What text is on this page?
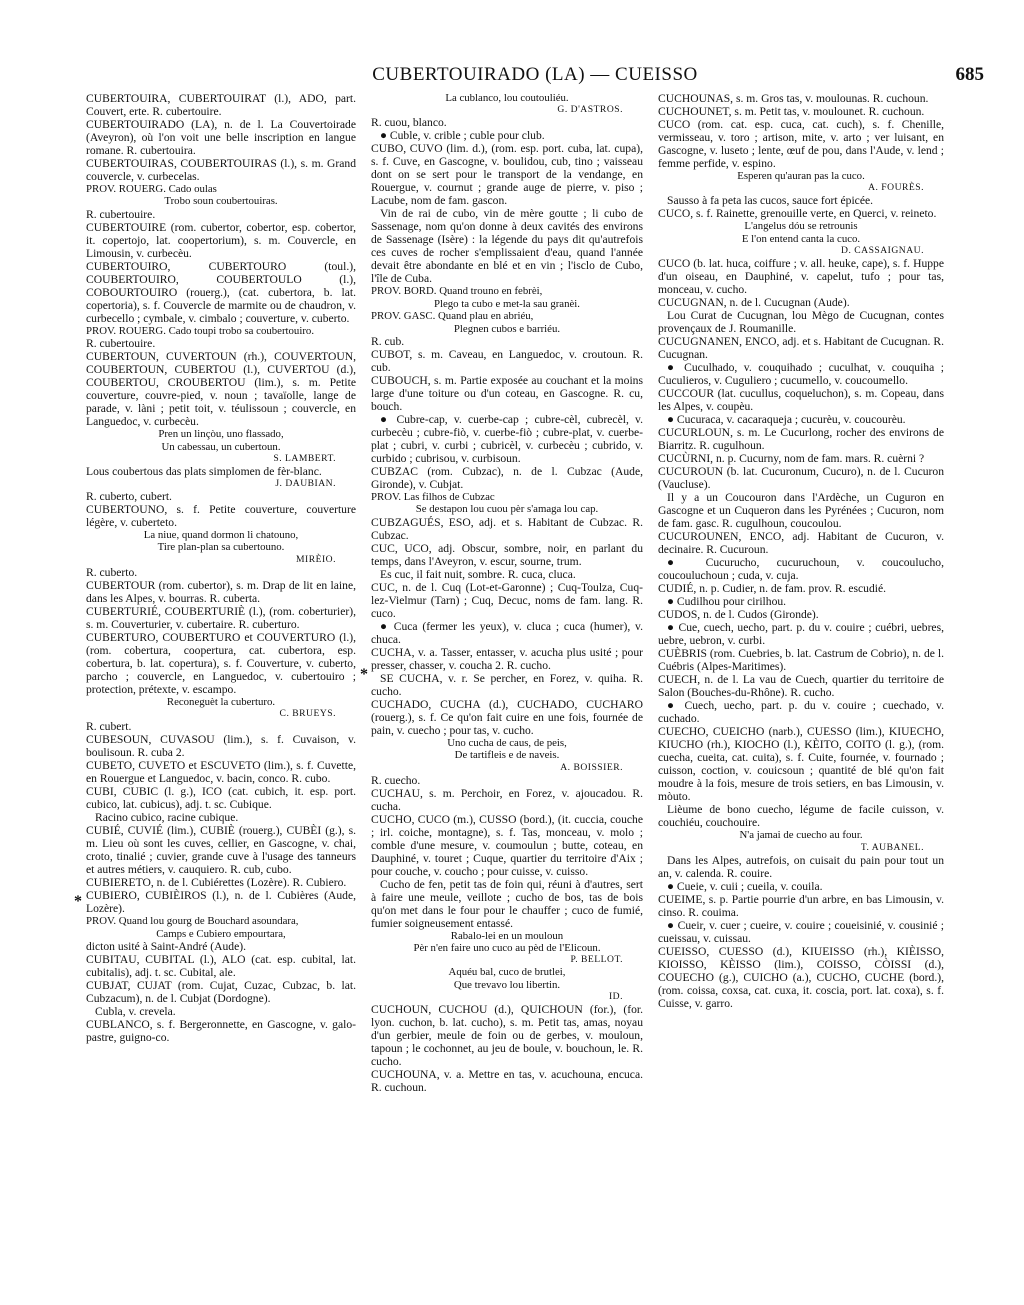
CUBERTOUIRADO (LA) — CUEISSO	685

CUBERTOUIRA, CUBERTOUIRAT (l.), ADO, part. Couvert, erte. R. cubertouire.

CUBERTOUIRADO (LA), n. de l. La Couvertoirade (Aveyron), où l'on voit une belle inscription en langue romane. R. cubertouira.

CUBERTOUIRAS, COUBERTOUIRAS (l.), s. m. Grand couvercle, v. curbecelas.

PROV. ROUERG. Cado oulas

Trobo soun coubertouiras.

R. cubertouire.

CUBERTOUIRE (rom. cubertor, cobertor, esp. cobertor, it. copertojo, lat. coopertorium), s. m. Couvercle, en Limousin, v. curbecèu.

CUBERTOUIRO, CUBERTOURO (toul.), COUBERTOUIRO, COUBERTOULO (l.), COBOURTOUIRO (rouerg.), (cat. cubertora, b. lat. copertoria), s. f. Couvercle de marmite ou de chaudron, v. curbecello ; cymbale, v. cimbalo ; couverture, v. cuberto.

PROV. ROUERG. Cado toupi trobo sa coubertouiro.

R. cubertouire.

CUBERTOUN, CUVERTOUN (rh.), COUVERTOUN, COUBERTOUN, CUBERTOU (l.), CUVERTOU (d.), COUBERTOU, CROUBERTOU (lim.), s. m. Petite couverture, couvre-pied, v. noun ; tavaïolle, lange de parade, v. làni ; petit toit, v. téulissoun ; couvercle, en Languedoc, v. curbecèu.

Pren un linçòu, uno flassado,

Un cabessau, un cubertoun.

S. LAMBERT.

Lous coubertous das plats simplomen de fèr-blanc.

J. DAUBIAN.

R. cuberto, cubert.

CUBERTOUNO, s. f. Petite couverture, couverture légère, v. cuberteto.

La niue, quand dormon li chatouno,

Tire plan-plan sa cubertouno.

MIRÈIO.

R. cuberto.

CUBERTOUR (rom. cubertor), s. m. Drap de lit en laine, dans les Alpes, v. bourras. R. cuberta.

CUBERTURIÉ, COUBERTURIÈ (l.), (rom. coberturier), s. m. Couverturier, v. cubertaire. R. cuberturo.

CUBERTURO, COUBERTURO et COUVERTURO (l.), (rom. cobertura, coopertura, cat. cubertora, esp. cobertura, b. lat. copertura), s. f. Couverture, v. cuberto, parcho ; couvercle, en Languedoc, v. cubertouiro ; protection, prétexte, v. escampo.

Reconeguèt la cuberturo.

C. BRUEYS.

R. cubert.

CUBESOUN, CUVASOU (lim.), s. f. Cuvaison, v. boulisoun. R. cuba 2.

CUBETO, CUVETO et ESCUVETO (lim.), s. f. Cuvette, en Rouergue et Languedoc, v. bacin, conco. R. cubo.

CUBI, CUBIC (l. g.), ICO (cat. cubich, it. esp. port. cubico, lat. cubicus), adj. t. sc. Cubique.

Racino cubico, racine cubique.

CUBIÉ, CUVIÉ (lim.), CUBIÈ (rouerg.), CUBÈI (g.), s. m. Lieu où sont les cuves, cellier, en Gascogne, v. chai, croto, tinalié ; cuvier, grande cuve à l'usage des tanneurs et autres métiers, v. cauquiero. R. cub, cubo.

CUBIERETO, n. de l. Cubiérettes (Lozère). R. Cubiero.

CUBIERO, CUBIÈIROS (l.), n. de l. Cubières (Aude, Lozère).

PROV. Quand lou gourg de Bouchard asoundara,

Camps e Cubiero empourtara,

dicton usité à Saint-André (Aude).

CUBITAU, CUBITAL (l.), ALO (cat. esp. cubital, lat. cubitalis), adj. t. sc. Cubital, ale.

CUBJAT, CUJAT (rom. Cujat, Cuzac, Cubzac, b. lat. Cubzacum), n. de l. Cubjat (Dordogne).

Cubla, v. crevela.

CUBLANCO, s. f. Bergeronnette, en Gascogne, v. galo-pastre, guigno-co.

La cublanco, lou coutouliéu.

G. D'ASTROS.

R. cuou, blanco.

● Cuble, v. crible ; cuble pour club.

CUBO, CUVO (lim. d.), (rom. esp. port. cuba, lat. cupa), s. f. Cuve, en Gascogne, v. boulidou, cub, tino ; vaisseau dont on se sert pour le transport de la vendange, en Rouergue, v. cournut ; grande auge de pierre, v. piso ; Lacube, nom de fam. gascon.

Vin de rai de cubo, vin de mère goutte ; li cubo de Sassenage, nom qu'on donne à deux cavités des environs de Sassenage (Isère) : la légende du pays dit qu'autrefois ces cuves de rocher s'emplissaient d'eau, quand l'année devait être abondante en blé et en vin ; l'isclo de Cubo, l'île de Cuba.

PROV. BORD. Quand trouno en febrèi,

Plego ta cubo e met-la sau granèi.

PROV. GASC. Quand plau en abriéu,

Plegnen cubos e barriéu.

R. cub.

CUBOT, s. m. Caveau, en Languedoc, v. croutoun. R. cub.

CUBOUCH, s. m. Partie exposée au couchant et la moins large d'une toiture ou d'un coteau, en Gascogne. R. cu, bouch.

● Cubre-cap, v. cuerbe-cap ; cubre-cèl, cubrecèl, v. curbecèu ; cubre-fiò, v. cuerbe-fiò ; cubre-plat, v. cuerbe-plat ; cubri, v. curbi ; cubricèl, v. curbecèu ; cubrido, v. curbido ; cubrisou, v. curbisoun.

CUBZAC (rom. Cubzac), n. de l. Cubzac (Aude, Gironde), v. Cubjat.

PROV. Las filhos de Cubzac

Se destapon lou cuou pèr s'amaga lou cap.

CUBZAGUÉS, ESO, adj. et s. Habitant de Cubzac. R. Cubzac.

CUC, UCO, adj. Obscur, sombre, noir, en parlant du temps, dans l'Aveyron, v. escur, sourne, trum.

Es cuc, il fait nuit, sombre. R. cuca, cluca.

CUC, n. de l. Cuq (Lot-et-Garonne) ; Cuq-Toulza, Cuq-lez-Vielmur (Tarn) ; Cuq, Decuc, noms de fam. lang. R. cuco.

● Cuca (fermer les yeux), v. cluca ; cuca (humer), v. chuca.

CUCHA, v. a. Tasser, entasser, v. acucha plus usité ; pour presser, chasser, v. coucha 2. R. cucho.

SE CUCHA, v. r. Se percher, en Forez, v. quiha. R. cucho.

CUCHADO, CUCHA (d.), CUCHADO, CUCHARO (rouerg.), s. f. Ce qu'on fait cuire en une fois, fournée de pain, v. cuecho ; pour tas, v. cucho.

Uno cucha de caus, de peis,

De tartifleis e de naveis.

A. BOISSIER.

R. cuecho.

CUCHAU, s. m. Perchoir, en Forez, v. ajoucadou. R. cucha.

CUCHO, CUCO (m.), CUSSO (bord.), (it. cuccia, couche ; irl. coiche, montagne), s. f. Tas, monceau, v. molo ; comble d'une mesure, v. coumoulun ; butte, coteau, en Dauphiné, v. touret ; Cuque, quartier du territoire d'Aix ; pour couche, v. coucho ; pour cuisse, v. cuisso.

Cucho de fen, petit tas de foin qui, réuni à d'autres, sert à faire une meule, veillote ; cucho de bos, tas de bois qu'on met dans le four pour le chauffer ; cuco de fumié, fumier soigneusement entassé.

Rabalo-lei en un mouloun

Pèr n'en faire uno cuco au pèd de l'Elicoun.

P. BELLOT.

Aquéu bal, cuco de brutlei,

Que trevavo lou libertin.

ID.

CUCHOUN, CUCHOU (d.), QUICHOUN (for.), (for. lyon. cuchon, b. lat. cucho), s. m. Petit tas, amas, noyau d'un gerbier, meule de foin ou de gerbes, v. mouloun, tapoun ; le cochonnet, au jeu de boule, v. bouchoun, le. R. cucho.

CUCHOUNA, v. a. Mettre en tas, v. acuchouna, encuca. R. cuchoun.

CUCHOUNAS, s. m. Gros tas, v. moulounas. R. cuchoun.

CUCHOUNET, s. m. Petit tas, v. moulounet. R. cuchoun.

CUCO (rom. cat. esp. cuca, cat. cuch), s. f. Chenille, vermisseau, v. toro ; artison, mite, v. arto ; ver luisant, en Gascogne, v. luseto ; lente, œuf de pou, dans l'Aude, v. lend ; femme perfide, v. espino.

Esperen qu'auran pas la cuco.

A. FOURÈS.

Sausso à fa peta las cucos, sauce fort épicée.

CUCO, s. f. Rainette, grenouille verte, en Querci, v. reineto.

L'angelus dóu se retrounis

E l'on entend canta la cuco.

D. CASSAIGNAU.

CUCO (b. lat. huca, coiffure ; v. all. heuke, cape), s. f. Huppe d'un oiseau, en Dauphiné, v. capelut, tufo ; pour tas, monceau, v. cucho.

CUCUGNAN, n. de l. Cucugnan (Aude).

Lou Curat de Cucugnan, lou Mègo de Cucugnan, contes provençaux de J. Roumanille.

CUCUGNANEN, ENCO, adj. et s. Habitant de Cucugnan. R. Cucugnan.

● Cuculhado, v. couquihado ; cuculhat, v. couquiha ; Cuculieros, v. Cuguliero ; cucumello, v. coucoumello.

CUCCOUR (lat. cucullus, coqueluchon), s. m. Copeau, dans les Alpes, v. coupèu.

● Cucuraca, v. cacaraqueja ; cucurèu, v. coucourèu.

CUCURLOUN, s. m. Le Cucurlong, rocher des environs de Biarritz. R. cugulhoun.

CUCÙRNI, n. p. Cucurny, nom de fam. mars. R. cuèrni ?

CUCUROUN (b. lat. Cucuronum, Cucuro), n. de l. Cucuron (Vaucluse).

Il y a un Coucouron dans l'Ardèche, un Cuguron en Gascogne et un Cuqueron dans les Pyrénées ; Cucuron, nom de fam. gasc. R. cugulhoun, coucoulou.

CUCUROUNEN, ENCO, adj. Habitant de Cucuron, v. decinaire. R. Cucuroun.

● Cucurucho, cucuruchoun, v. coucoulucho, coucouluchoun ; cuda, v. cuja.

CUDIÉ, n. p. Cudier, n. de fam. prov. R. escudié.

● Cudilhou pour cirilhou.

CUDOS, n. de l. Cudos (Gironde).

● Cue, cuech, uecho, part. p. du v. couire ; cuébri, uebres, uebre, uebron, v. curbi.

CUÈBRIS (rom. Cuebries, b. lat. Castrum de Cobrio), n. de l. Cuébris (Alpes-Maritimes).

CUECH, n. de l. La vau de Cuech, quartier du territoire de Salon (Bouches-du-Rhône). R. cucho.

● Cuech, uecho, part. p. du v. couire ; cuechado, v. cuchado.

CUECHO, CUEICHO (narb.), CUESSO (lim.), KIUECHO, KIUCHO (rh.), KIOCHO (l.), KÈITO, COITO (l. g.), (rom. cuecha, cueita, cat. cuita), s. f. Cuite, fournée, v. fournado ; cuisson, coction, v. couicsoun ; quantité de blé qu'on fait moudre à la fois, mesure de trois setiers, en bas Limousin, v. mòuto.

Lièume de bono cuecho, légume de facile cuisson, v. couchiéu, couchouire.

N'a jamai de cuecho au four.

T. AUBANEL.

Dans les Alpes, autrefois, on cuisait du pain pour tout un an, v. calenda. R. couire.

● Cueie, v. cuii ; cueila, v. couila.

CUEIME, s. p. Partie pourrie d'un arbre, en bas Limousin, v. cinso. R. couima.

● Cueir, v. cuer ; cueire, v. couire ; coueisinié, v. cousinié ; cueissau, v. cuissau.

CUEISSO, CUESSO (d.), KIUEISSO (rh.), KIÈISSO, KIOISSO, KÈISSO (lim.), COISSO, CÒISSI (d.), COUECHO (g.), CUICHO (a.), CUCHO, CUCHE (bord.), (rom. coissa, coxsa, cat. cuxa, it. coscia, port. lat. coxa), s. f. Cuisse, v. garro.

*
*
